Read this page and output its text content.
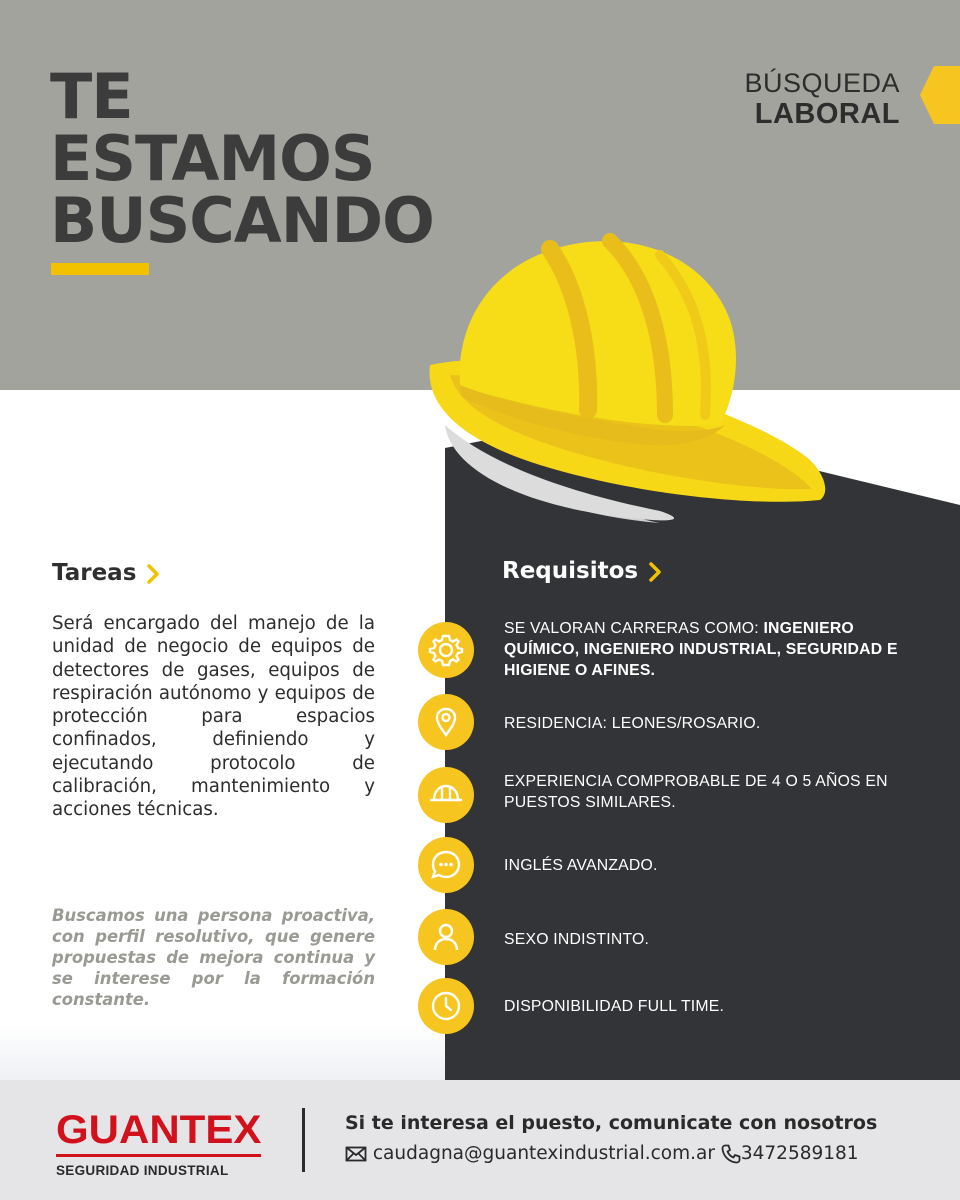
TE
ESTAMOS
BUSCANDO
BÚSQUEDA
LABORAL
Tareas

Será encargado del manejo de la unidad de negocio de equipos de detectores de gases, equipos de respiración autónomo y equipos de protección para espacios confinados, definiendo y ejecutando protocolo de calibración, mantenimiento y acciones técnicas.

Buscamos una persona proactiva, con perfil resolutivo, que genere propuestas de mejora continua y se interese por la formación constante.

Requisitos
SE VALORAN CARRERAS COMO: INGENIERO QUÍMICO, INGENIERO INDUSTRIAL, SEGURIDAD E HIGIENE O AFINES.
RESIDENCIA: LEONES/ROSARIO.
EXPERIENCIA COMPROBABLE DE 4 O 5 AÑOS EN PUESTOS SIMILARES.
INGLÉS AVANZADO.
SEXO INDISTINTO.
DISPONIBILIDAD FULL TIME.
GUANTEX
SEGURIDAD INDUSTRIAL
Si te interesa el puesto, comunicate con nosotros
caudagna@guantexindustrial.com.ar 3472589181
